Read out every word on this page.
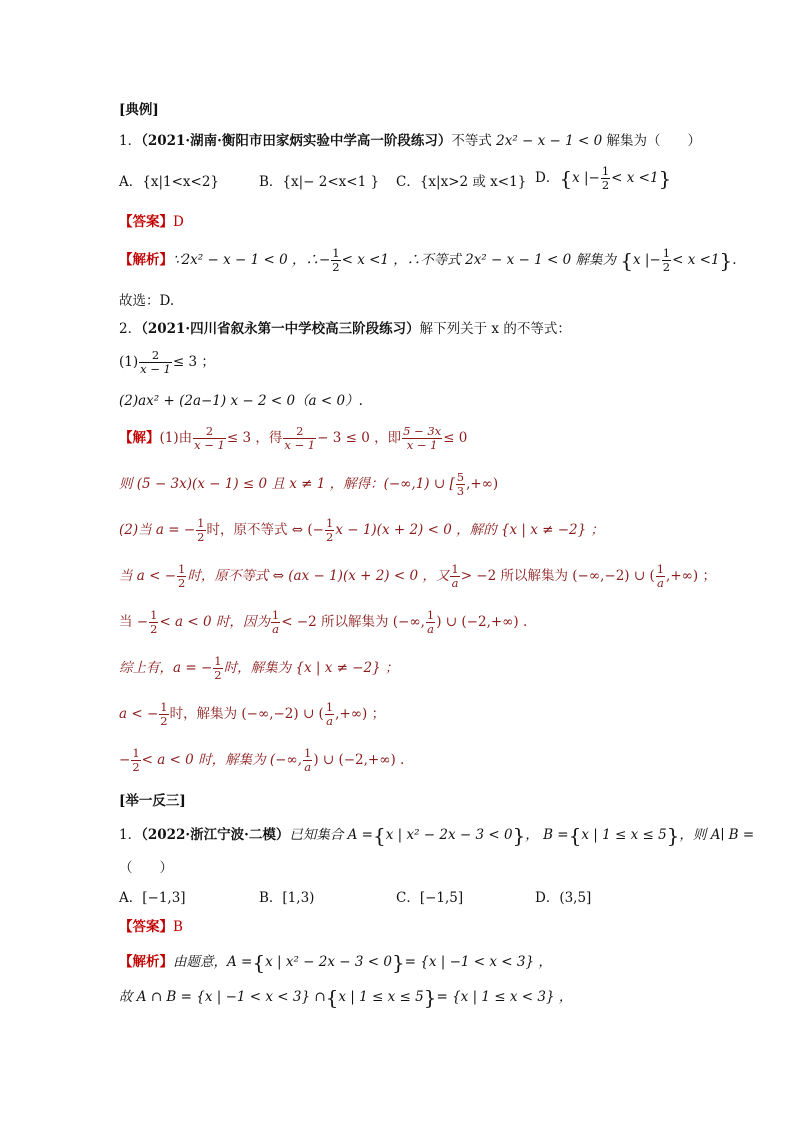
[典例]
1．（2021·湖南·衡阳市田家炳实验中学高一阶段练习）不等式 2x² − x − 1 < 0 解集为（　　）
A．{x|1<x<2}	B．{x|− 2<x<1 } C．{x|x>2 或 x<1} D．{x |− $\frac{1}{2} < x <1$}
【答案】D
【解析】∵2x² − x − 1 < 0 ，∴− $\frac{1}{2} < x <1$ ，∴不等式 2x² − x − 1 < 0 解集为 {x |− $\frac{1}{2} < x <1$}.
故选：D.
2．（2021·四川省叙永第一中学校高三阶段练习）解下列关于 x 的不等式：
$(1) \frac{2}{x - 1} \le 3$ ；
(2)ax² + (2a−1) x − 2 < 0（a < 0）.
【解】(1)由 $\frac{2}{x - 1} \le 3$ ，得 $\frac{2}{x - 1} - 3 \le 0$ ，即 $\frac{5 - 3x}{x - 1} \le 0$
则 (5 − 3x)(x − 1) ≤ 0 且 x ≠ 1 ，解得：(−∞,1) ∪ [ $\frac{5}{3}$ ,+∞)
(2)当 a = − $\frac{1}{2}$ 时，原不等式 ⇔ (− $\frac{1}{2}$ x − 1)(x + 2) < 0 ，解的 {x | x ≠ −2} ；
当 a < − $\frac{1}{2}$ 时，原不等式 ⇔ (ax − 1)(x + 2) < 0 ，又 $\frac{1}{a} > -2$ 所以解集为 (−∞,−2) ∪ ( $\frac{1}{a}$ ,+∞) ；
当 − $\frac{1}{2} < a < 0$ 时，因为 $\frac{1}{a} < -2$ 所以解集为 (−∞, $\frac{1}{a}$ ) ∪ (−2,+∞) .
综上有，a = − $\frac{1}{2}$ 时，解集为 {x | x ≠ −2} ；
a < − $\frac{1}{2}$ 时，解集为 (−∞,−2) ∪ ( $\frac{1}{a}$ ,+∞) ；
− $\frac{1}{2} < a < 0$ 时，解集为 (−∞, $\frac{1}{a}$ ) ∪ (−2,+∞) .
[举一反三]
1．（2022·浙江宁波·二模）已知集合 A ={x | x² − 2x − 3 < 0}， B ={x | 1 ≤ x ≤ 5}，则 A∣ B =
（　　）
A．[−1,3]	B．[1,3)	C．[−1,5]	D．(3,5]
【答案】B
【解析】由题意，A ={x | x² − 2x − 3 < 0}= {x | −1 < x < 3} ，
故 A ∩ B = {x | −1 < x < 3} ∩{x | 1 ≤ x ≤ 5}= {x | 1 ≤ x < 3} ，
